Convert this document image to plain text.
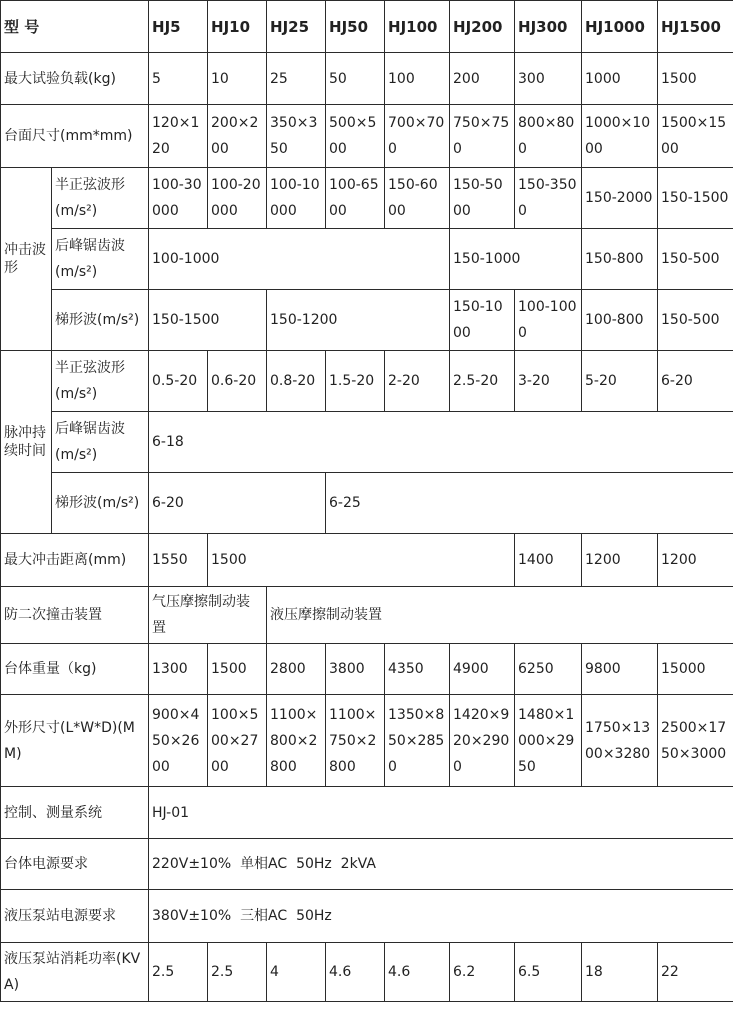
型 号		HJ5	HJ10	HJ25	HJ50	HJ100	HJ200	HJ300	HJ1000	HJ1500
最大试验负载(kg)		5	10	25	50	100	200	300	1000	1500
台面尺寸(mm*mm)		120×120	200×200	350×350	500×500	700×700	750×750	800×800	1000×1000	1500×1500
冲击波形	半正弦波形(m/s²)	100-30000	100-20000	100-10000	100-6500	150-6000	150-5000	150-3500	150-2000	150-1500
	后峰锯齿波(m/s²)	100-1000					150-1000		150-800	150-500
	梯形波(m/s²)	150-1500		150-1200			150-1000	100-1000	100-800	150-500
脉冲持续时间	半正弦波形(m/s²)	0.5-20	0.6-20	0.8-20	1.5-20	2-20	2.5-20	3-20	5-20	6-20
	后峰锯齿波(m/s²)	6-18								
	梯形波(m/s²)	6-20			6-25					
最大冲击距离(mm)		1550	1500					1400	1200	1200
防二次撞击装置		气压摩擦制动装置		液压摩擦制动装置						
台体重量（kg)		1300	1500	2800	3800	4350	4900	6250	9800	15000
外形尺寸(L*W*D)(MM)		900×450×2600	100×500×2700	1100×800×2800	1100×750×2800	1350×850×2850	1420×920×2900	1480×1000×2950	1750×1300×3280	2500×1750×3000
控制、测量系统		HJ-01								
台体电源要求		220V±10%  单相AC  50Hz  2kVA								
液压泵站电源要求		380V±10%  三相AC  50Hz								
液压泵站消耗功率(KVA)		2.5	2.5	4	4.6	4.6	6.2	6.5	18	22
